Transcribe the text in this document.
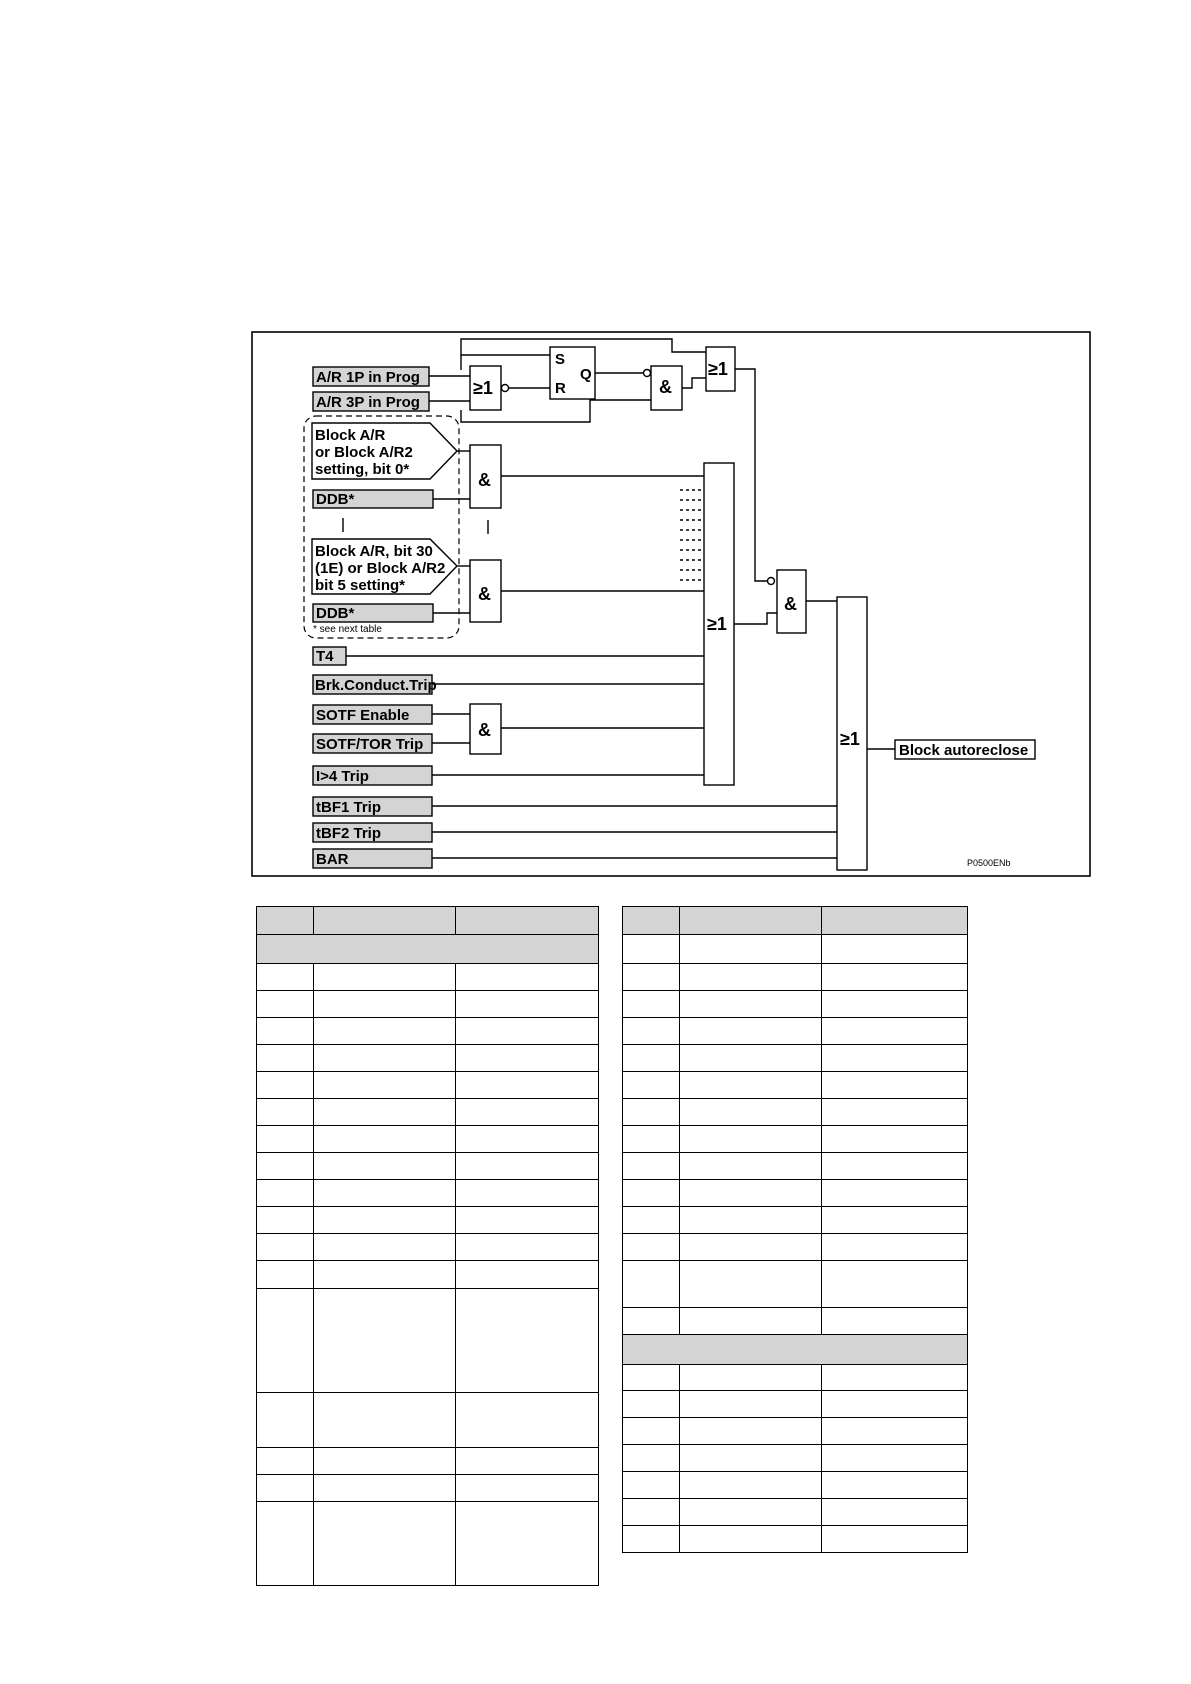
A/R 1P in Prog
A/R 3P in Prog
Block A/R
or Block A/R2
setting, bit 0*
DDB*
Block A/R, bit 30
(1E) or Block A/R2
bit 5 setting*
DDB*
* see next table
T4
Brk.Conduct.Trip
SOTF Enable
SOTF/TOR Trip
I>4 Trip
tBF1 Trip
tBF2 Trip
BAR
≥1
S
R
Q
&
≥1
&
&
&
≥1
&
≥1
Block autoreclose
P0500ENb
